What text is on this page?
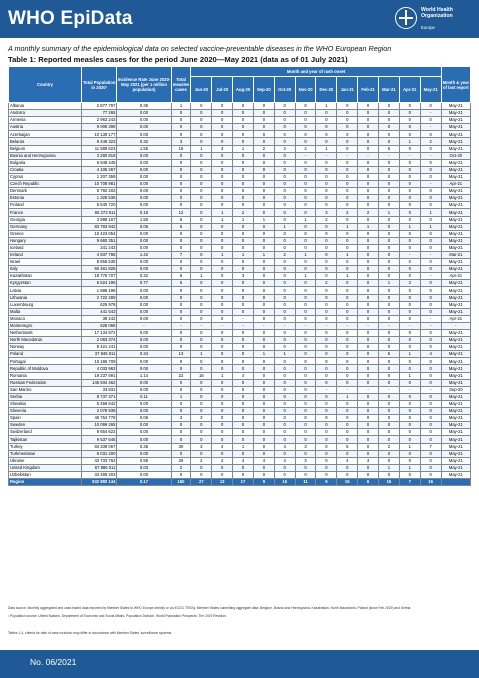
WHO EpiData	World Health
Organization
Europe
A monthly summary of the epidemiological data on selected vaccine-preventable diseases in the WHO European Region
Table 1: Reported measles cases for the period June 2020—May 2021 (data as of 01 July 2021)
Country	Total Population in 2020¹	Incidence Rate June 2020-May 2021 (per 1 million population)	Total measles cases	Month and year of rash onset												Month & year of last report
				Jun-20	Jul-20	Aug-20	Sep-20	Oct-20	Nov-20	Dec-20	Jan-21	Feb-21	Mar-21	Apr-21	May-21	
Albania	2 877 797	0.35	1	0	0	0	0	0	0	1	0	0	0	0	0	May-21
Andorra	77 265	0.00	0	0	0	0	0	0	0	0	0	0	0	0	-	May-21
Armenia	2 963 243	0.00	0	0	0	0	0	0	0	0	0	0	0	0	0	May-21
Austria	9 006 398	0.00	0	0	0	0	0	0	0	0	0	0	0	0	-	May-21
Azerbaijan	10 139 177	0.00	0	0	0	0	0	0	0	0	0	0	0	0	0	May-21
Belarus	9 449 323	0.32	3	0	0	0	0	0	0	0	0	0	0	1	2	May-21
Belgium	11 589 623	1.55	18	1	3	1	2	3	2	1	0	0	5	0	0	May-21
Bosnia and Herzegovina	3 280 819	0.00	0	0	0	0	0	0	-	-	-	-	-	-	-	Oct-20
Bulgaria	6 948 445	0.00	0	0	0	0	0	0	0	0	0	0	0	0	0	May-21
Croatia	4 105 267	0.00	0	0	0	0	0	0	0	0	0	0	0	0	0	May-21
Cyprus	1 207 359	0.00	0	0	0	0	0	0	0	0	0	0	0	0	0	May-21
Czech Republic	10 708 981	0.00	0	0	0	0	0	0	0	0	0	0	0	0	-	Apr-21
Denmark	5 792 202	0.00	0	0	0	0	0	0	0	0	0	0	0	0	0	May-21
Estonia	1 326 535	0.00	0	0	0	0	0	0	0	0	0	0	0	0	0	May-21
Finland	5 540 720	0.00	0	0	0	0	0	0	0	0	0	0	0	0	0	May-21
France	65 273 511	0.18	12	0	1	2	0	0	0	3	2	2	1	0	1	May-21
Georgia	3 989 167	1.50	6	0	1	1	1	0	1	2	0	0	0	0	0	May-21
Germany	83 783 942	0.06	5	0	0	0	0	1	0	0	1	1	0	1	1	May-21
Greece	10 423 054	0.00	0	0	0	0	0	0	0	0	0	0	0	0	0	May-21
Hungary	9 660 351	0.00	0	0	0	0	0	0	0	0	0	0	0	0	0	May-21
Iceland	341 243	0.00	0	0	0	0	0	0	0	0	0	0	0	0	0	May-21
Ireland	4 937 786	1.42	7	0	1	1	1	2	1	0	1	0	0	-	-	Mar-21
Israel	8 655 535	0.00	0	0	0	0	0	0	0	0	0	0	0	0	0	May-21
Italy	60 461 826	0.00	0	0	0	0	0	0	0	0	0	0	0	0	0	May-21
Kazakhstan	18 776 707	0.32	6	1	0	3	0	0	1	0	1	0	0	0	-	Apr-21
Kyrgyzstan	6 524 195	0.77	5	0	0	0	0	0	0	2	0	0	1	2	0	May-21
Latvia	1 886 198	0.00	0	0	0	0	0	0	0	0	0	0	0	0	0	May-21
Lithuania	2 722 289	0.00	0	0	0	0	0	0	0	0	0	0	0	0	0	May-21
Luxembourg	625 978	0.00	0	0	0	0	0	0	0	0	0	0	0	0	0	May-21
Malta	441 543	0.00	0	0	0	0	0	0	0	0	0	0	0	0	0	May-21
Monaco	39 242	0.00	0	0	0	-	0	0	0	0	0	0	0	0	-	Apr-21
Montenegro	628 066	-	-	-	-	-	-	-	-	-	-	-	-	-	-	-
Netherlands	17 134 872	0.00	0	0	0	0	0	0	0	0	0	0	0	0	0	May-21
North Macedonia	2 083 374	0.00	0	0	0	0	0	0	0	0	0	0	0	0	0	May-21
Norway	5 421 241	0.00	0	0	0	0	0	0	0	0	0	0	0	0	0	May-21
Poland	37 846 611	0.34	13	1	0	0	1	1	0	0	0	0	5	1	4	May-21
Portugal	10 196 709	0.00	0	0	0	0	0	0	0	0	0	0	0	0	0	May-21
Republic of Moldova	4 033 963	0.00	0	0	0	0	0	0	0	0	0	0	0	0	0	May-21
Romania	19 237 691	1.14	22	16	1	4	0	0	0	0	0	0	0	1	0	May-21
Russian Federation	145 934 462	0.00	0	0	0	0	0	0	0	0	0	0	0	0	0	May-21
San Marino	33 931	0.00	0	0	0	0	0	0	0	-	-	-	-	-	-	Sep-20
Serbia	8 737 371	0.11	1	0	0	0	0	0	0	0	1	0	0	0	0	May-21
Slovakia	5 459 642	0.00	0	0	0	0	0	0	0	0	0	0	0	0	0	May-21
Slovenia	2 078 938	0.00	0	0	0	0	0	0	0	0	0	0	0	0	0	May-21
Spain	46 754 778	0.06	3	3	0	0	0	0	0	0	0	0	0	0	0	May-21
Sweden	10 099 265	0.00	0	0	0	0	0	0	0	0	0	0	0	0	0	May-21
Switzerland	8 654 622	0.00	0	0	0	0	0	0	0	0	0	0	0	0	0	May-21
Tajikistan	9 537 645	0.00	0	0	0	0	0	0	0	0	0	0	0	0	0	May-21
Turkey	84 339 067	0.36	30	3	4	1	0	4	3	0	5	0	2	1	7	May-21
Turkmenistan	6 031 200	0.00	0	0	0	0	0	0	0	0	0	0	0	0	0	May-21
Ukraine	43 733 762	0.59	26	2	2	4	4	4	3	0	4	3	0	0	0	May-21
United Kingdom	67 886 011	0.03	2	0	0	0	0	0	0	0	0	0	1	1	0	May-21
Uzbekistan	33 469 203	0.00	0	0	0	0	0	0	0	0	0	0	0	0	0	May-21
Region	932 880 144	0.17	160	27	13	17	9	15	11	9	15	6	15	7	16	
Data source: Monthly aggregated and case-based data reported by Member States to WHO Europe directly or via ECDC TESSy. Member States submitting aggregate data: Belgium, Bosnia and Herzegovina, Kazakhstan, North Macedonia, Poland (since Feb 2019) and Serbia.
¹ Population source: United Nations, Department of Economic and Social Affairs, Population Division. World Population Prospects: The 2019 Revision.
Tables 1-4, criteria for date of case inclusion may differ in accordance with Member States' surveillance systems.
No. 06/2021
